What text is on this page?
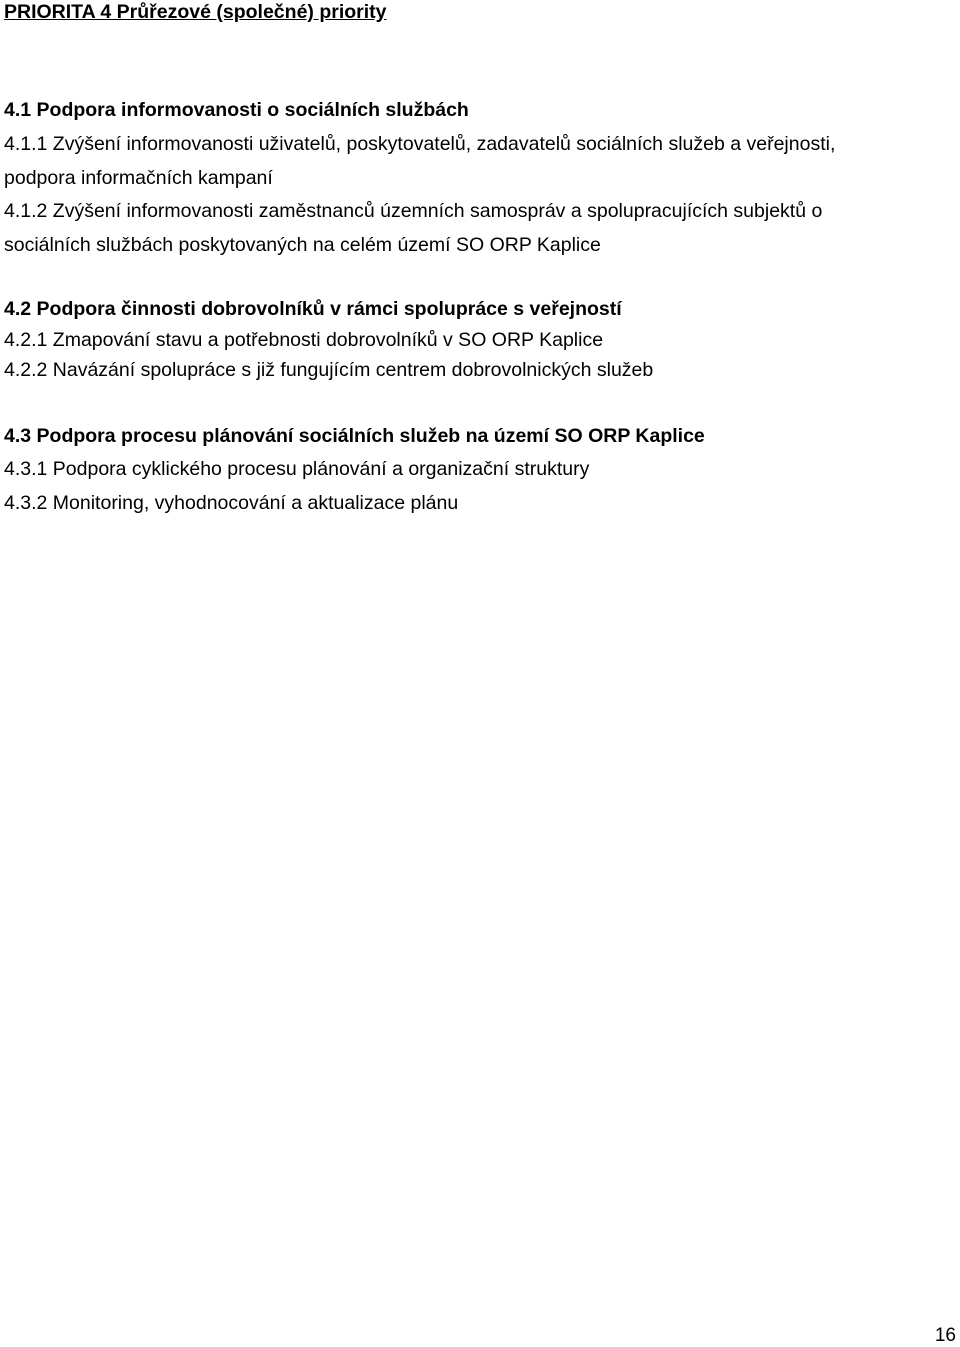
PRIORITA 4 Průřezové (společné) priority
4.1 Podpora informovanosti o sociálních službách
4.1.1 Zvýšení informovanosti uživatelů, poskytovatelů, zadavatelů sociálních služeb a veřejnosti,
podpora informačních kampaní
4.1.2 Zvýšení informovanosti zaměstnanců územních samospráv a spolupracujících subjektů o
sociálních službách poskytovaných na celém území SO ORP Kaplice
4.2 Podpora činnosti dobrovolníků v rámci spolupráce s veřejností
4.2.1 Zmapování stavu a potřebnosti dobrovolníků v SO ORP Kaplice
4.2.2 Navázání spolupráce s již fungujícím centrem dobrovolnických služeb
4.3 Podpora procesu plánování sociálních služeb na území SO ORP Kaplice
4.3.1 Podpora cyklického procesu plánování a organizační struktury
4.3.2 Monitoring, vyhodnocování a aktualizace plánu
16
